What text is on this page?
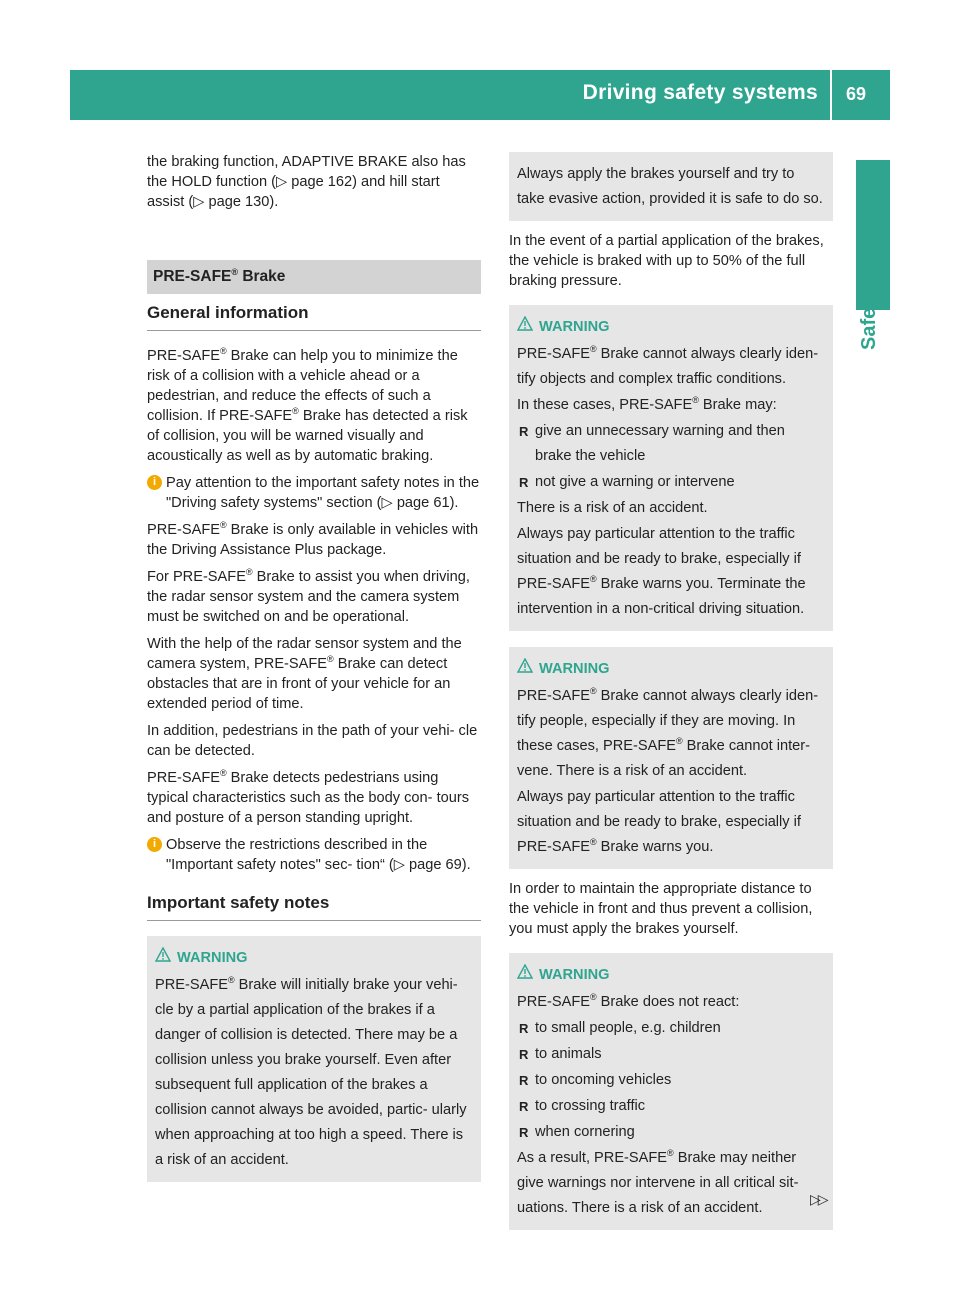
Driving safety systems 69
Safety

the braking function, ADAPTIVE BRAKE also has the HOLD function (▷ page 162) and hill start assist (▷ page 130).

PRE-SAFE® Brake
General information

PRE-SAFE® Brake can help you to minimize the risk of a collision with a vehicle ahead or a pedestrian, and reduce the effects of such a collision. If PRE-SAFE® Brake has detected a risk of collision, you will be warned visually and acoustically as well as by automatic braking.

i Pay attention to the important safety notes in the "Driving safety systems" section (▷ page 61).

PRE-SAFE® Brake is only available in vehicles with the Driving Assistance Plus package.

For PRE-SAFE® Brake to assist you when driving, the radar sensor system and the camera system must be switched on and be operational.

With the help of the radar sensor system and the camera system, PRE-SAFE® Brake can detect obstacles that are in front of your vehicle for an extended period of time.

In addition, pedestrians in the path of your vehi- cle can be detected.

PRE-SAFE® Brake detects pedestrians using typical characteristics such as the body con- tours and posture of a person standing upright.

i Observe the restrictions described in the "Important safety notes" sec- tion“ (▷ page 69).
Important safety notes
WARNING

PRE-SAFE® Brake will initially brake your vehi- cle by a partial application of the brakes if a danger of collision is detected. There may be a collision unless you brake yourself. Even after subsequent full application of the brakes a collision cannot always be avoided, partic- ularly when approaching at too high a speed. There is a risk of an accident.

Always apply the brakes yourself and try to take evasive action, provided it is safe to do so.

In the event of a partial application of the brakes, the vehicle is braked with up to 50% of the full braking pressure.

WARNING

PRE-SAFE® Brake cannot always clearly iden- tify objects and complex traffic conditions.

In these cases, PRE-SAFE® Brake may:

R give an unnecessary warning and then brake the vehicle

R not give a warning or intervene

There is a risk of an accident.

Always pay particular attention to the traffic situation and be ready to brake, especially if PRE-SAFE® Brake warns you. Terminate the intervention in a non-critical driving situation.

WARNING

PRE-SAFE® Brake cannot always clearly iden- tify people, especially if they are moving. In these cases, PRE-SAFE® Brake cannot inter- vene. There is a risk of an accident.

Always pay particular attention to the traffic situation and be ready to brake, especially if PRE-SAFE® Brake warns you.

In order to maintain the appropriate distance to the vehicle in front and thus prevent a collision, you must apply the brakes yourself.

WARNING

PRE-SAFE® Brake does not react:

R to small people, e.g. children

R to animals

R to oncoming vehicles

R to crossing traffic

R when cornering

As a result, PRE-SAFE® Brake may neither give warnings nor intervene in all critical sit- uations. There is a risk of an accident.

▷▷
